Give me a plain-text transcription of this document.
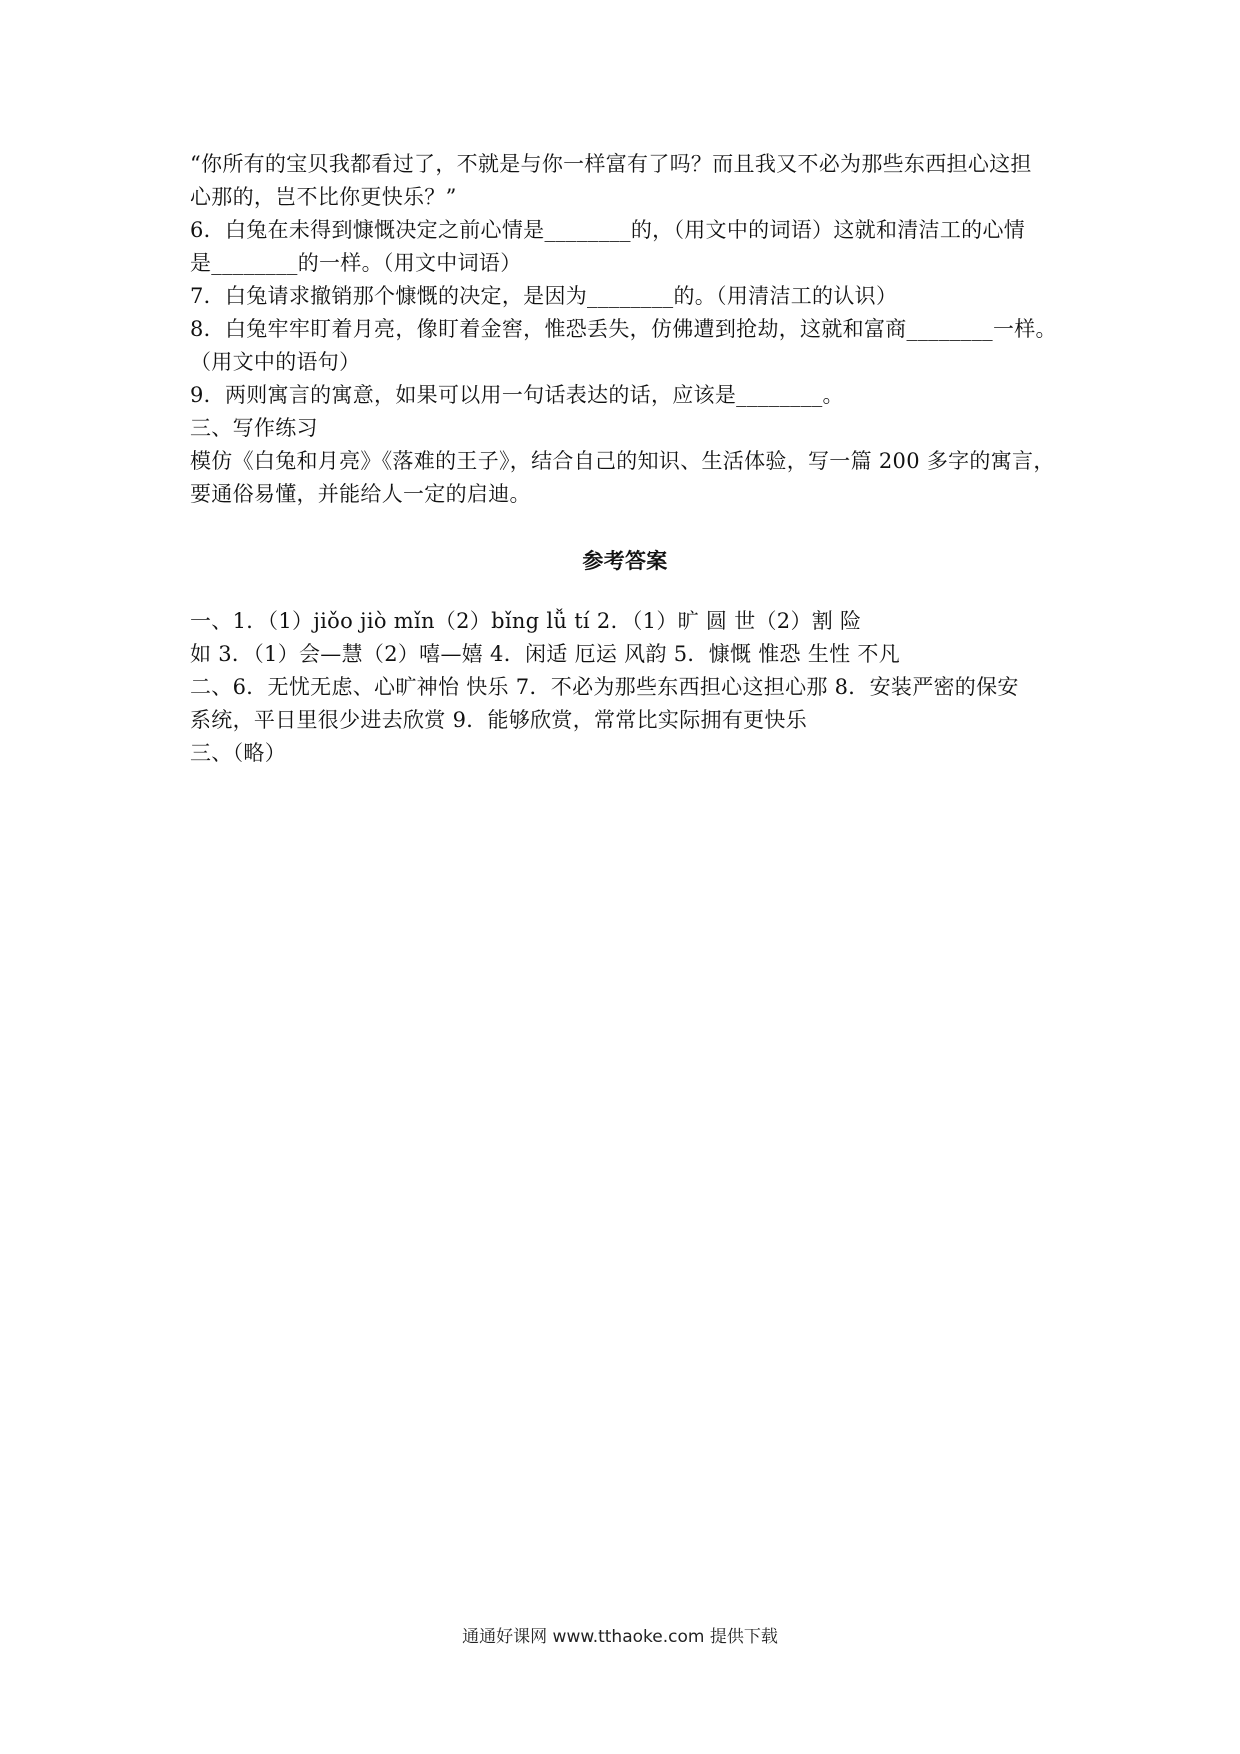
“你所有的宝贝我都看过了，不就是与你一样富有了吗？而且我又不必为那些东西担心这担
心那的，岂不比你更快乐？”
6．白兔在未得到慷慨决定之前心情是________的，（用文中的词语）这就和清洁工的心情
是________的一样。（用文中词语）
7．白兔请求撤销那个慷慨的决定，是因为________的。（用清洁工的认识）
8．白兔牢牢盯着月亮，像盯着金窖，惟恐丢失，仿佛遭到抢劫，这就和富商________一样。
（用文中的语句）
9．两则寓言的寓意，如果可以用一句话表达的话，应该是________。
三、写作练习
模仿《白兔和月亮》《落难的王子》，结合自己的知识、生活体验，写一篇 200 多字的寓言，
要通俗易懂，并能给人一定的启迪。
参考答案
一、1．（1）jiǒo jiò mǐn（2）bǐng lǚ tí 2．（1）旷 圆 世（2）割 险
如 3．（1）会—慧（2）嘻—嬉 4．闲适 厄运 风韵 5．慷慨 惟恐 生性 不凡
二、6．无忧无虑、心旷神怡 快乐 7．不必为那些东西担心这担心那 8．安装严密的保安
系统，平日里很少进去欣赏 9．能够欣赏，常常比实际拥有更快乐
三、（略）
通通好课网 www.tthaoke.com 提供下载
